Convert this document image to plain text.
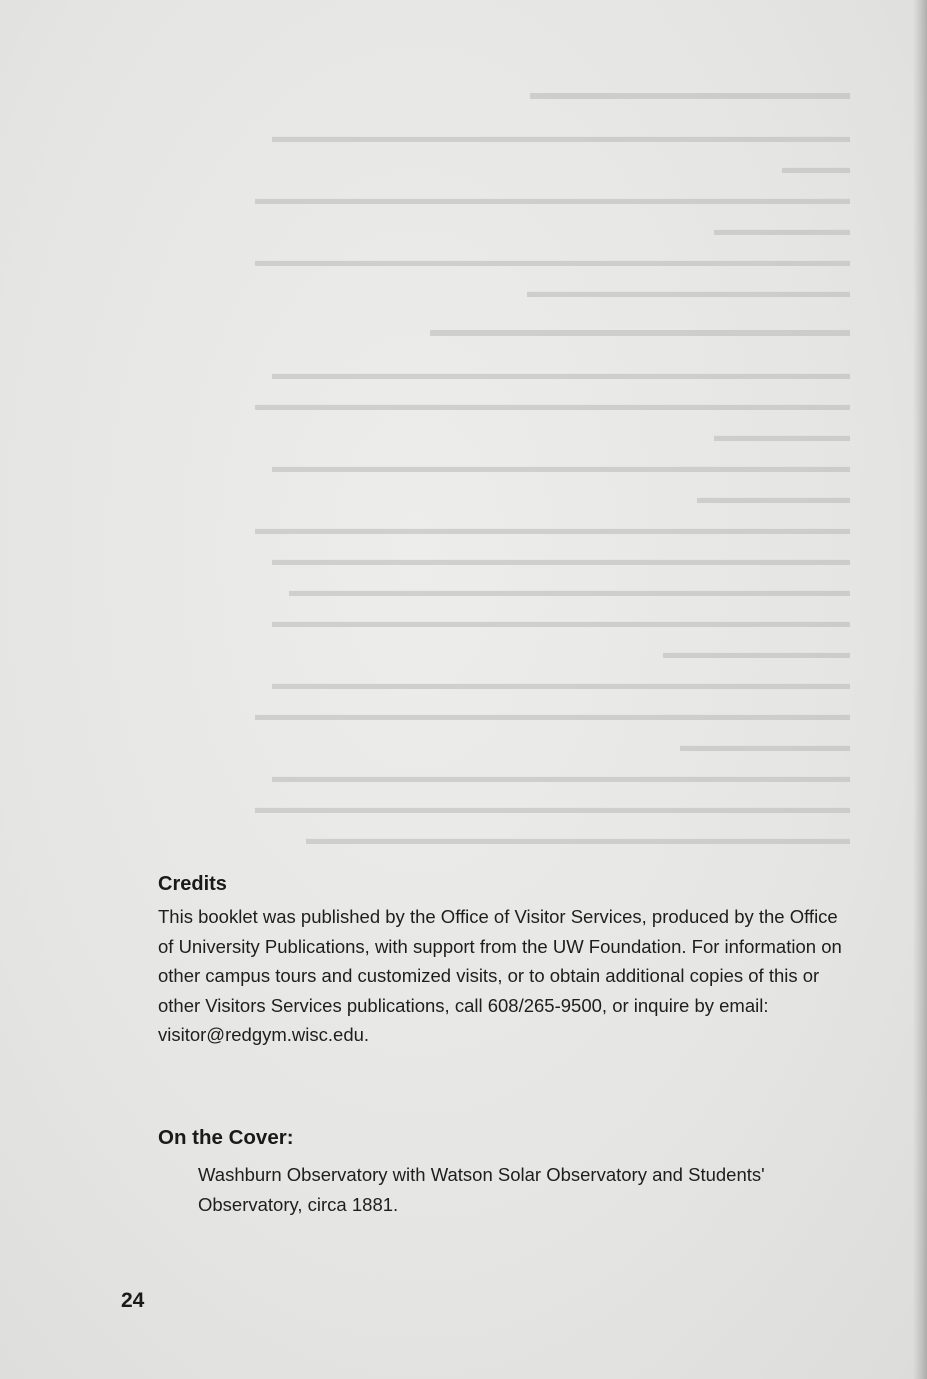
▬▬▬▬▬▬▬▬▬▬▬▬▬▬▬▬
▬▬▬▬▬▬▬▬▬▬▬▬▬▬▬▬▬▬▬▬▬▬▬▬▬▬▬▬▬▬▬▬▬▬
▬▬▬▬
▬▬▬▬▬▬▬▬▬▬▬▬▬▬▬▬▬▬▬▬▬▬▬▬▬▬▬▬▬▬▬▬▬▬▬
▬▬▬▬▬▬▬▬
▬▬▬▬▬▬▬▬▬▬▬▬▬▬▬▬▬▬▬▬▬▬▬▬▬▬▬▬▬▬▬▬▬▬▬
▬▬▬▬▬▬▬▬▬▬▬▬▬▬▬▬▬▬▬
▬▬▬▬▬▬▬▬▬▬▬▬▬▬▬▬▬▬▬▬▬
▬▬▬▬▬▬▬▬▬▬▬▬▬▬▬▬▬▬▬▬▬▬▬▬▬▬▬▬▬▬▬▬▬▬
▬▬▬▬▬▬▬▬▬▬▬▬▬▬▬▬▬▬▬▬▬▬▬▬▬▬▬▬▬▬▬▬▬▬▬
▬▬▬▬▬▬▬▬
▬▬▬▬▬▬▬▬▬▬▬▬▬▬▬▬▬▬▬▬▬▬▬▬▬▬▬▬▬▬▬▬▬▬
▬▬▬▬▬▬▬▬▬
▬▬▬▬▬▬▬▬▬▬▬▬▬▬▬▬▬▬▬▬▬▬▬▬▬▬▬▬▬▬▬▬▬▬▬
▬▬▬▬▬▬▬▬▬▬▬▬▬▬▬▬▬▬▬▬▬▬▬▬▬▬▬▬▬▬▬▬▬▬
▬▬▬▬▬▬▬▬▬▬▬▬▬▬▬▬▬▬▬▬▬▬▬▬▬▬▬▬▬▬▬▬▬
▬▬▬▬▬▬▬▬▬▬▬▬▬▬▬▬▬▬▬▬▬▬▬▬▬▬▬▬▬▬▬▬▬▬
▬▬▬▬▬▬▬▬▬▬▬
▬▬▬▬▬▬▬▬▬▬▬▬▬▬▬▬▬▬▬▬▬▬▬▬▬▬▬▬▬▬▬▬▬▬
▬▬▬▬▬▬▬▬▬▬▬▬▬▬▬▬▬▬▬▬▬▬▬▬▬▬▬▬▬▬▬▬▬▬▬
▬▬▬▬▬▬▬▬▬▬
▬▬▬▬▬▬▬▬▬▬▬▬▬▬▬▬▬▬▬▬▬▬▬▬▬▬▬▬▬▬▬▬▬▬
▬▬▬▬▬▬▬▬▬▬▬▬▬▬▬▬▬▬▬▬▬▬▬▬▬▬▬▬▬▬▬▬▬▬▬
▬▬▬▬▬▬▬▬▬▬▬▬▬▬▬▬▬▬▬▬▬▬▬▬▬▬▬▬▬▬▬▬
Credits

This booklet was published by the Office of Visitor Services, produced by the Office of University Publications, with support from the UW Foundation. For information on other campus tours and customized visits, or to obtain additional copies of this or other Visitors Services publications, call 608/265-9500, or inquire by email: visitor@redgym.wisc.edu.

On the Cover:

Washburn Observatory with Watson Solar Observatory and Students' Observatory, circa 1881.

24
